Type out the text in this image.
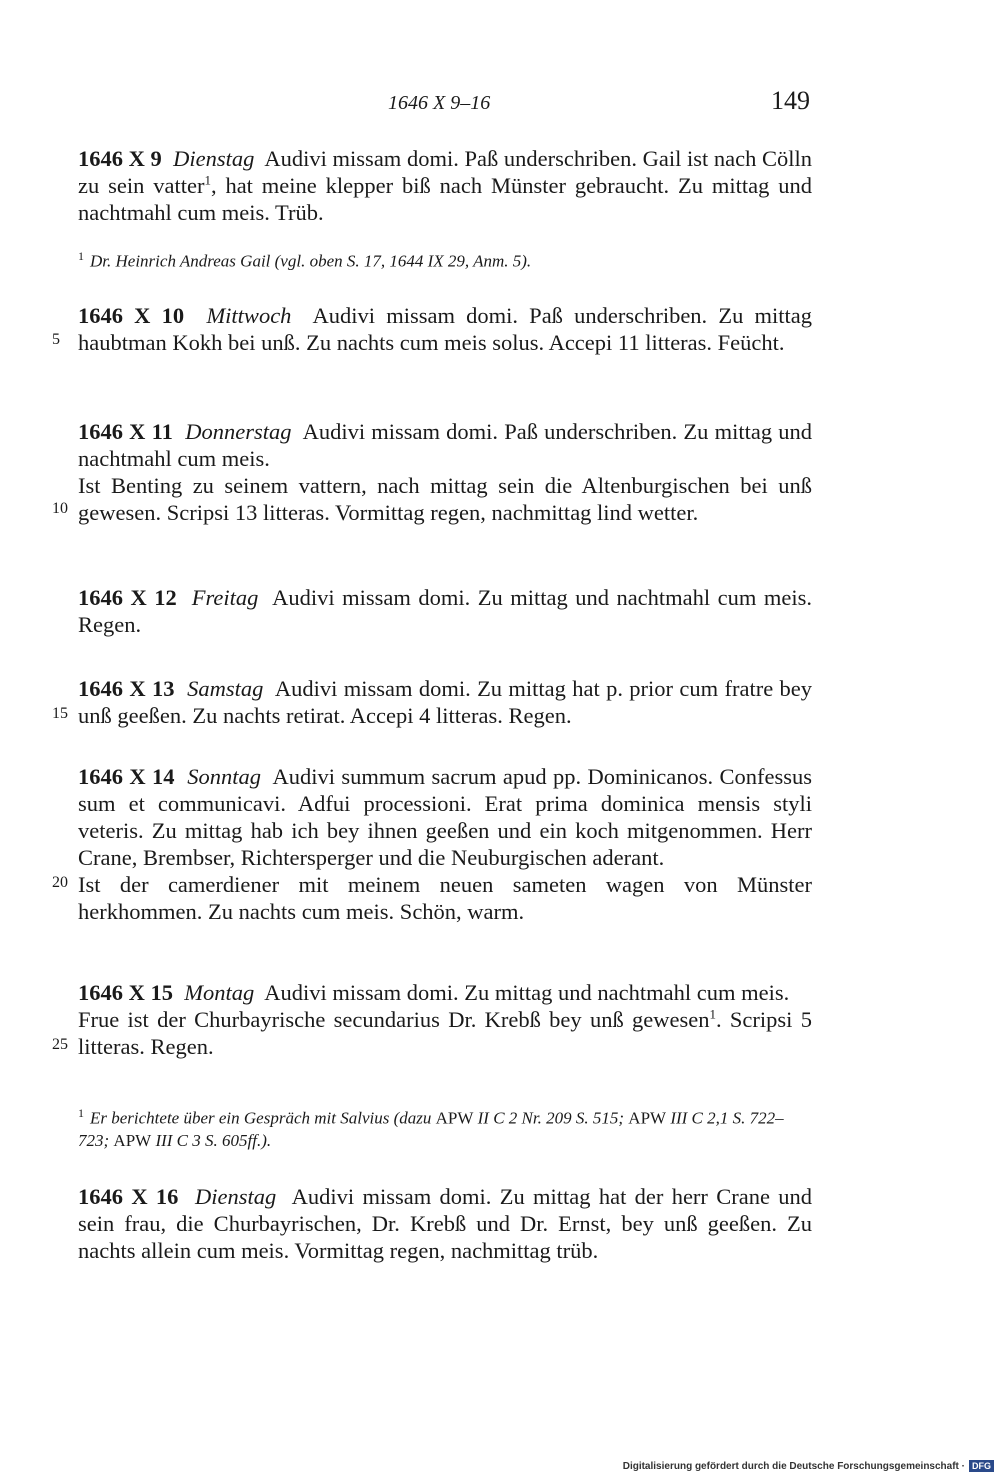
1646 X 9–16	149
5
10
15
20
25

1646 X 9 Dienstag Audivi missam domi. Paß underschriben. Gail ist nach Cölln zu sein vatter$^1$, hat meine klepper biß nach Münster gebraucht. Zu mittag und nachtmahl cum meis. Trüb.

$^1$ Dr. Heinrich Andreas Gail (vgl. oben S. 17, 1644 IX 29, Anm. 5).

1646 X 10 Mittwoch Audivi missam domi. Paß underschriben. Zu mittag haubtman Kokh bei unß. Zu nachts cum meis solus. Accepi 11 litteras. Feücht.

1646 X 11 Donnerstag Audivi missam domi. Paß underschriben. Zu mittag und nachtmahl cum meis.

Ist Benting zu seinem vattern, nach mittag sein die Altenburgischen bei unß gewesen. Scripsi 13 litteras. Vormittag regen, nachmittag lind wetter.

1646 X 12 Freitag Audivi missam domi. Zu mittag und nachtmahl cum meis. Regen.

1646 X 13 Samstag Audivi missam domi. Zu mittag hat p. prior cum fratre bey unß geeßen. Zu nachts retirat. Accepi 4 litteras. Regen.

1646 X 14 Sonntag Audivi summum sacrum apud pp. Dominicanos. Confessus sum et communicavi. Adfui processioni. Erat prima dominica mensis styli veteris. Zu mittag hab ich bey ihnen geeßen und ein koch mitgenommen. Herr Crane, Brembser, Richtersperger und die Neuburgischen aderant.

Ist der camerdiener mit meinem neuen sameten wagen von Münster herkhommen. Zu nachts cum meis. Schön, warm.

1646 X 15 Montag Audivi missam domi. Zu mittag und nachtmahl cum meis.

Frue ist der Churbayrische secundarius Dr. Krebß bey unß gewesen$^1$. Scripsi 5 litteras. Regen.

$^1$ Er berichtete über ein Gespräch mit Salvius (dazu APW II C 2 Nr. 209 S. 515; APW III C 2,1 S. 722–723; APW III C 3 S. 605ff.).

1646 X 16 Dienstag Audivi missam domi. Zu mittag hat der herr Crane und sein frau, die Churbayrischen, Dr. Krebß und Dr. Ernst, bey unß geeßen. Zu nachts allein cum meis. Vormittag regen, nachmittag trüb.

Digitalisierung gefördert durch die Deutsche Forschungsgemeinschaft · DFG
